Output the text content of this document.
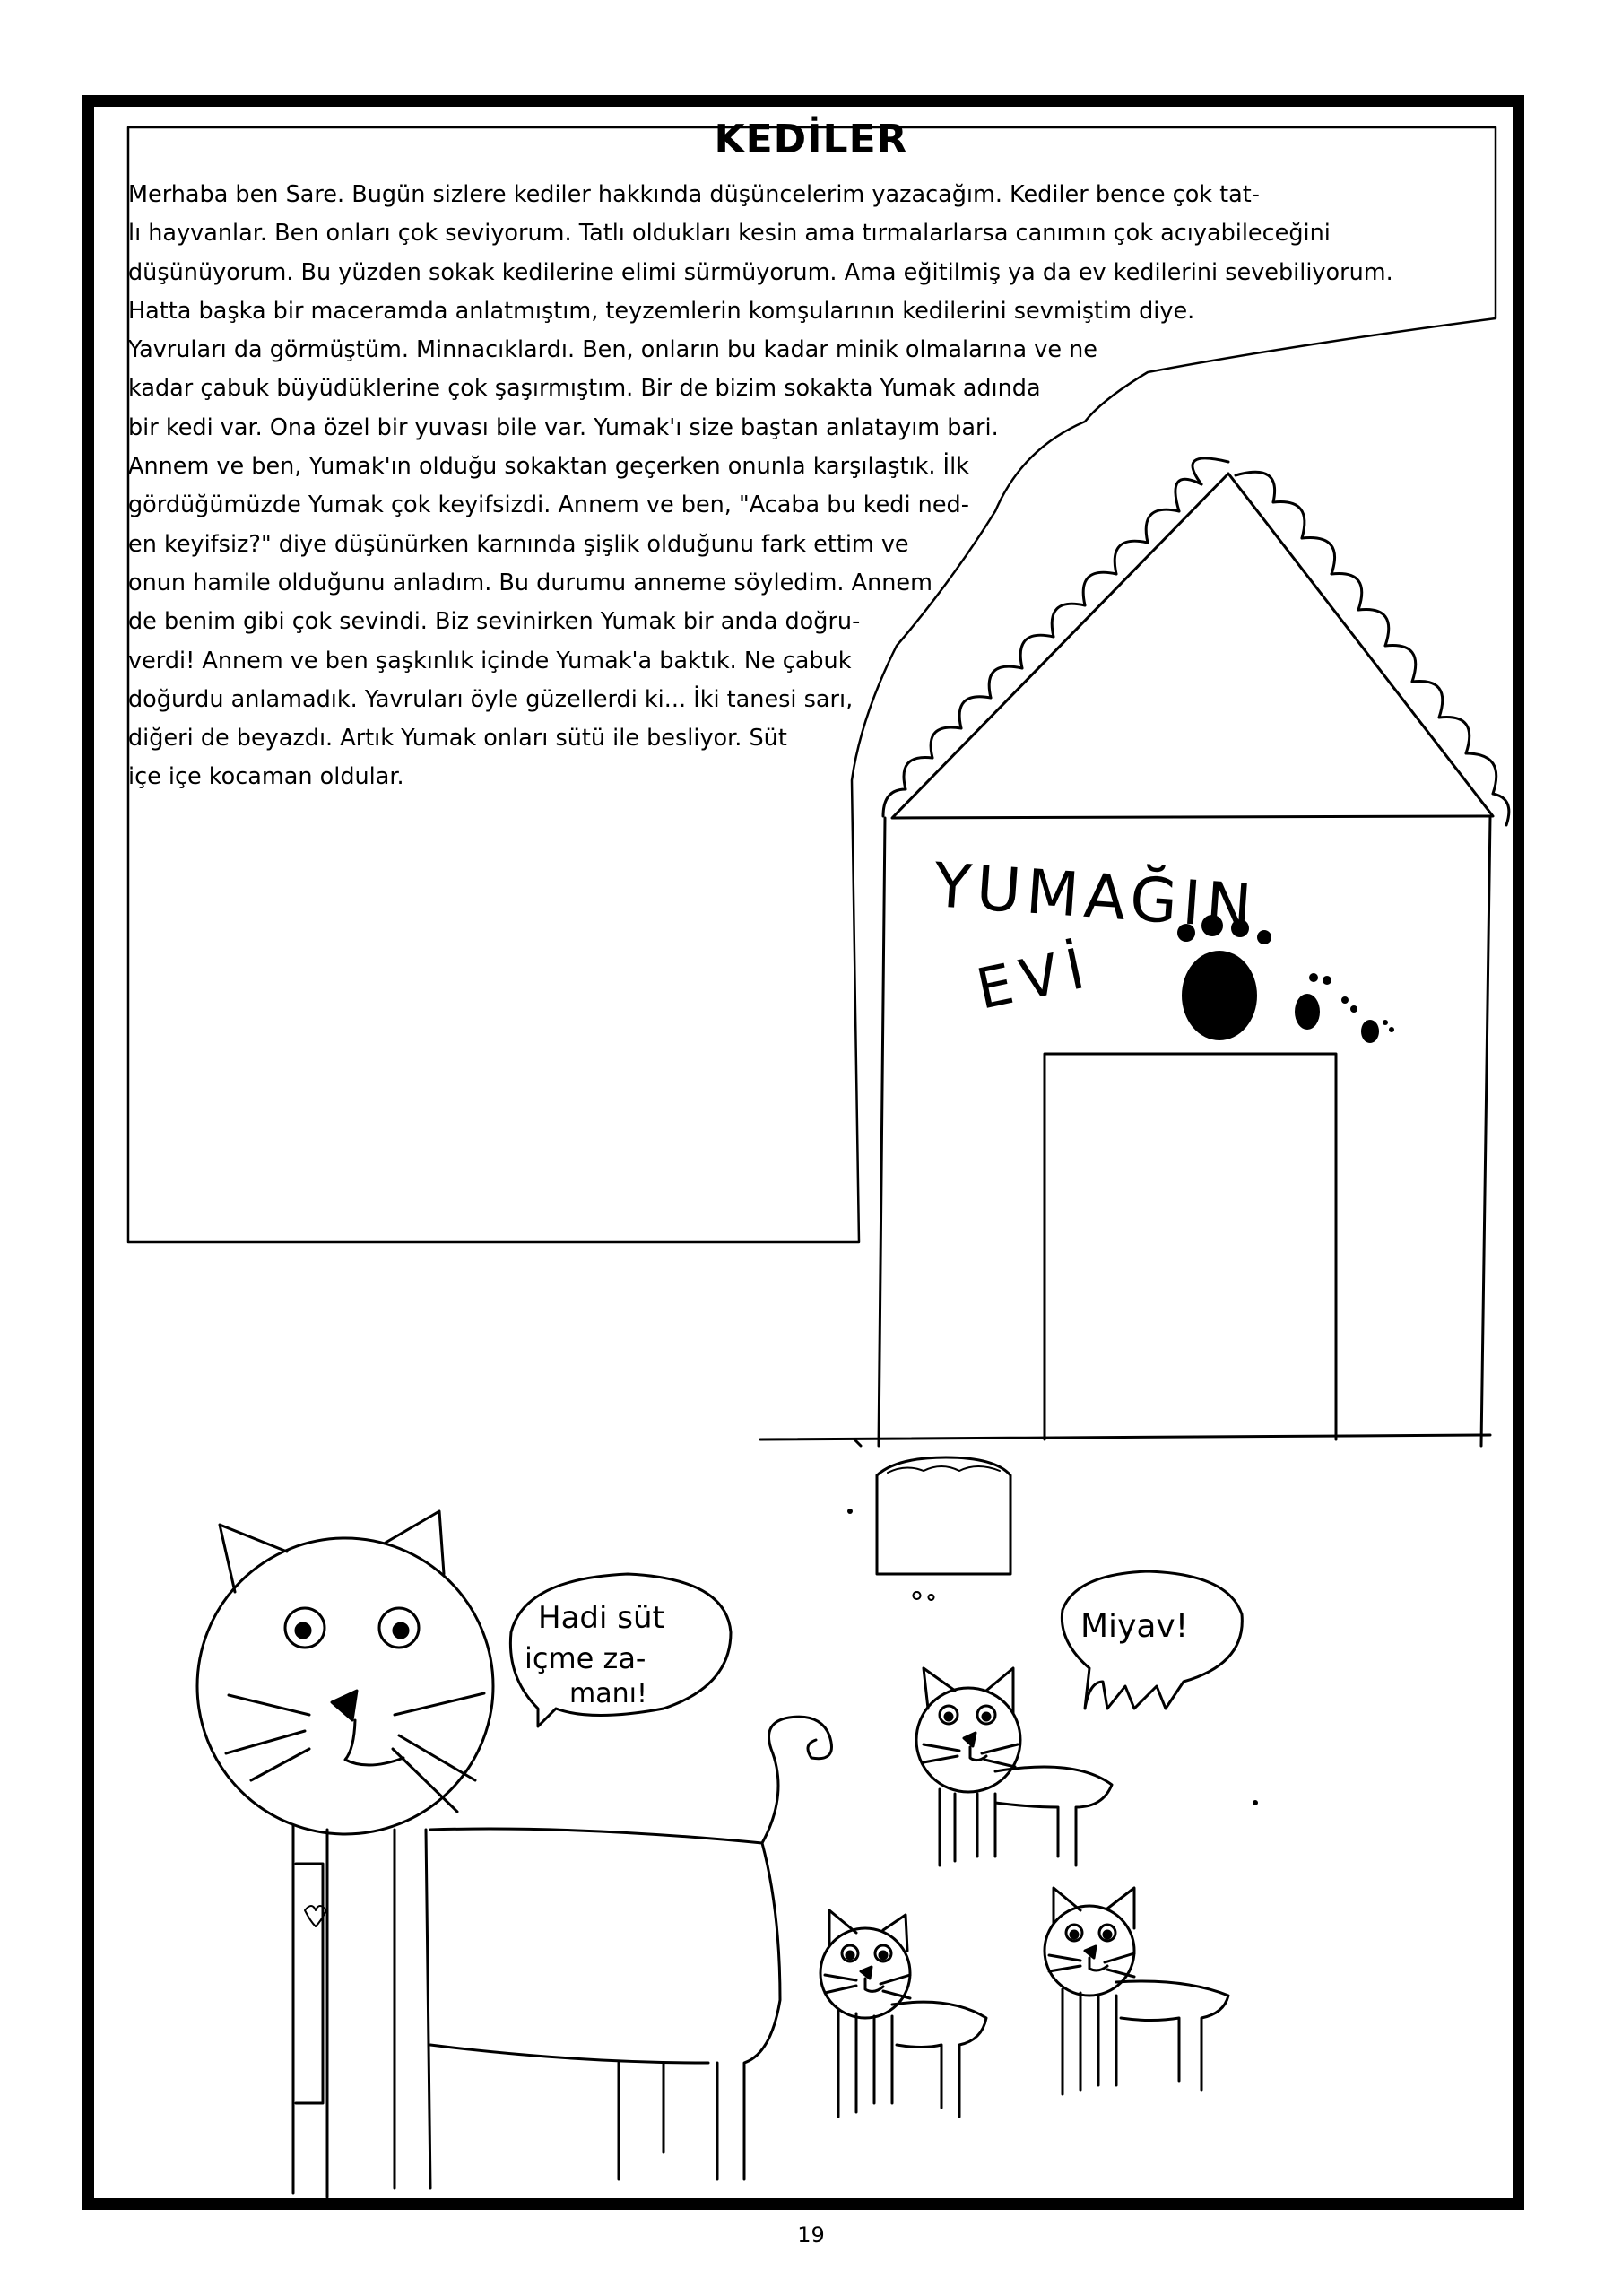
KEDİLER
Merhaba ben Sare. Bugün sizlere kediler hakkında düşüncelerim yazacağım. Kediler bence çok tat-
lı hayvanlar. Ben onları çok seviyorum. Tatlı oldukları kesin ama tırmalarlarsa canımın çok acıyabileceğini
düşünüyorum. Bu yüzden sokak kedilerine elimi sürmüyorum. Ama eğitilmiş ya da ev kedilerini sevebiliyorum.
Hatta başka bir maceramda anlatmıştım, teyzemlerin komşularının kedilerini sevmiştim diye.
Yavruları da görmüştüm. Minnacıklardı. Ben, onların bu kadar minik olmalarına ve ne
kadar çabuk büyüdüklerine çok şaşırmıştım. Bir de bizim sokakta Yumak adında
bir kedi var. Ona özel bir yuvası bile var. Yumak'ı size baştan anlatayım bari.
Annem ve ben, Yumak'ın olduğu sokaktan geçerken onunla karşılaştık. İlk
gördüğümüzde Yumak çok keyifsizdi. Annem ve ben, "Acaba bu kedi ned-
en keyifsiz?" diye düşünürken karnında şişlik olduğunu fark ettim ve
onun hamile olduğunu anladım. Bu durumu anneme söyledim. Annem
de benim gibi çok sevindi. Biz sevinirken Yumak bir anda doğru-
verdi! Annem ve ben şaşkınlık içinde Yumak'a baktık. Ne çabuk
doğurdu anlamadık. Yavruları öyle güzellerdi ki... İki tanesi sarı,
diğeri de beyazdı. Artık Yumak onları sütü ile besliyor. Süt
içe içe kocaman oldular.
YUMAĞIN
EVİ
Hadi süt
içme za-
manı!
Miyav!
19
